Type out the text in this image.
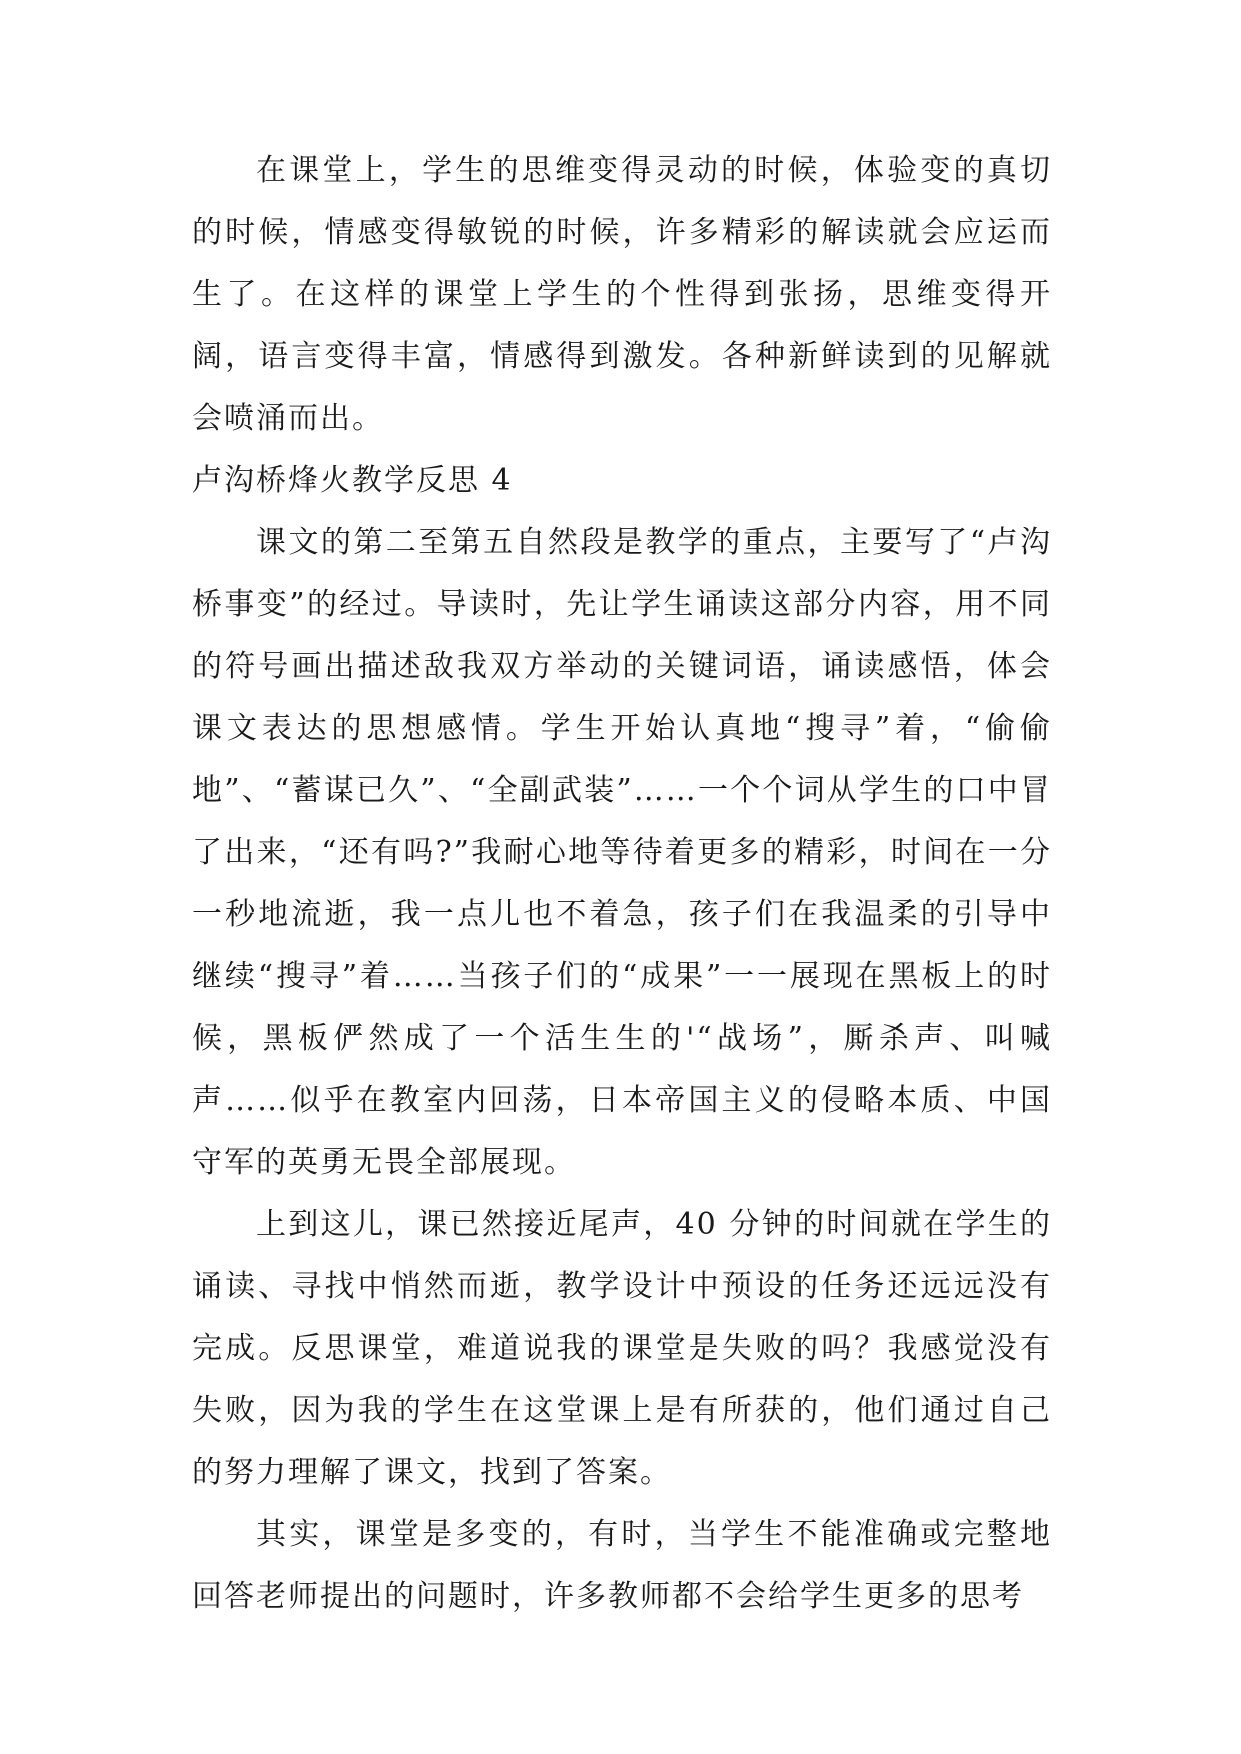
在课堂上，学生的思维变得灵动的时候，体验变的真切的时候，情感变得敏锐的时候，许多精彩的解读就会应运而生了。在这样的课堂上学生的个性得到张扬，思维变得开阔，语言变得丰富，情感得到激发。各种新鲜读到的见解就会喷涌而出。

卢沟桥烽火教学反思 4

课文的第二至第五自然段是教学的重点，主要写了“卢沟桥事变”的经过。导读时，先让学生诵读这部分内容，用不同的符号画出描述敌我双方举动的关键词语，诵读感悟，体会课文表达的思想感情。学生开始认真地“搜寻”着，“偷偷地”、“蓄谋已久”、“全副武装”……一个个词从学生的口中冒了出来，“还有吗?”我耐心地等待着更多的精彩，时间在一分一秒地流逝，我一点儿也不着急，孩子们在我温柔的引导中继续“搜寻”着……当孩子们的“成果”一一展现在黑板上的时候，黑板俨然成了一个活生生的'“战场”，厮杀声、叫喊声……似乎在教室内回荡，日本帝国主义的侵略本质、中国守军的英勇无畏全部展现。

上到这儿，课已然接近尾声，40 分钟的时间就在学生的诵读、寻找中悄然而逝，教学设计中预设的任务还远远没有完成。反思课堂，难道说我的课堂是失败的吗？我感觉没有失败，因为我的学生在这堂课上是有所获的，他们通过自己的努力理解了课文，找到了答案。

其实，课堂是多变的，有时，当学生不能准确或完整地回答老师提出的问题时，许多教师都不会给学生更多的思考
